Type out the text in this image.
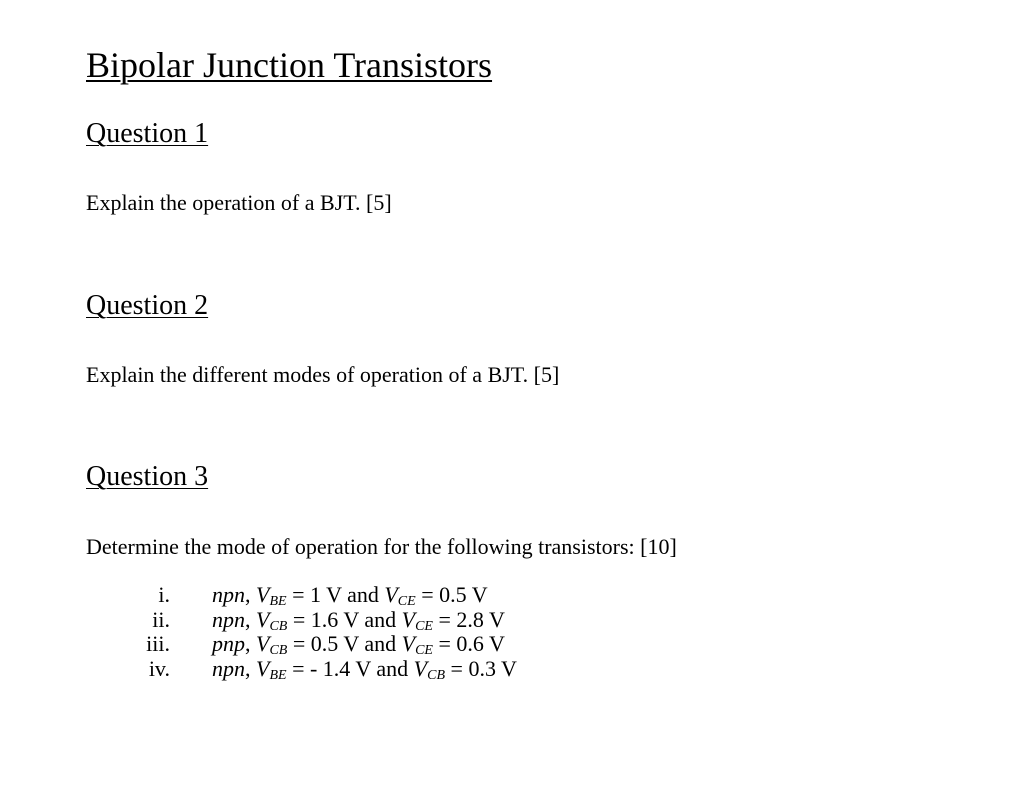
Bipolar Junction Transistors
Question 1

Explain the operation of a BJT. [5]

Question 2

Explain the different modes of operation of a BJT. [5]

Question 3

Determine the mode of operation for the following transistors: [10]

i. npn, $V_{BE} = 1$ V and $V_{CE} = 0.5$ V
ii. npn, $V_{CB} = 1.6$ V and $V_{CE} = 2.8$ V
iii. pnp, $V_{CB} = 0.5$ V and $V_{CE} = 0.6$ V
iv. npn, $V_{BE}$ = - 1.4 V and $V_{CB} = 0.3$ V
